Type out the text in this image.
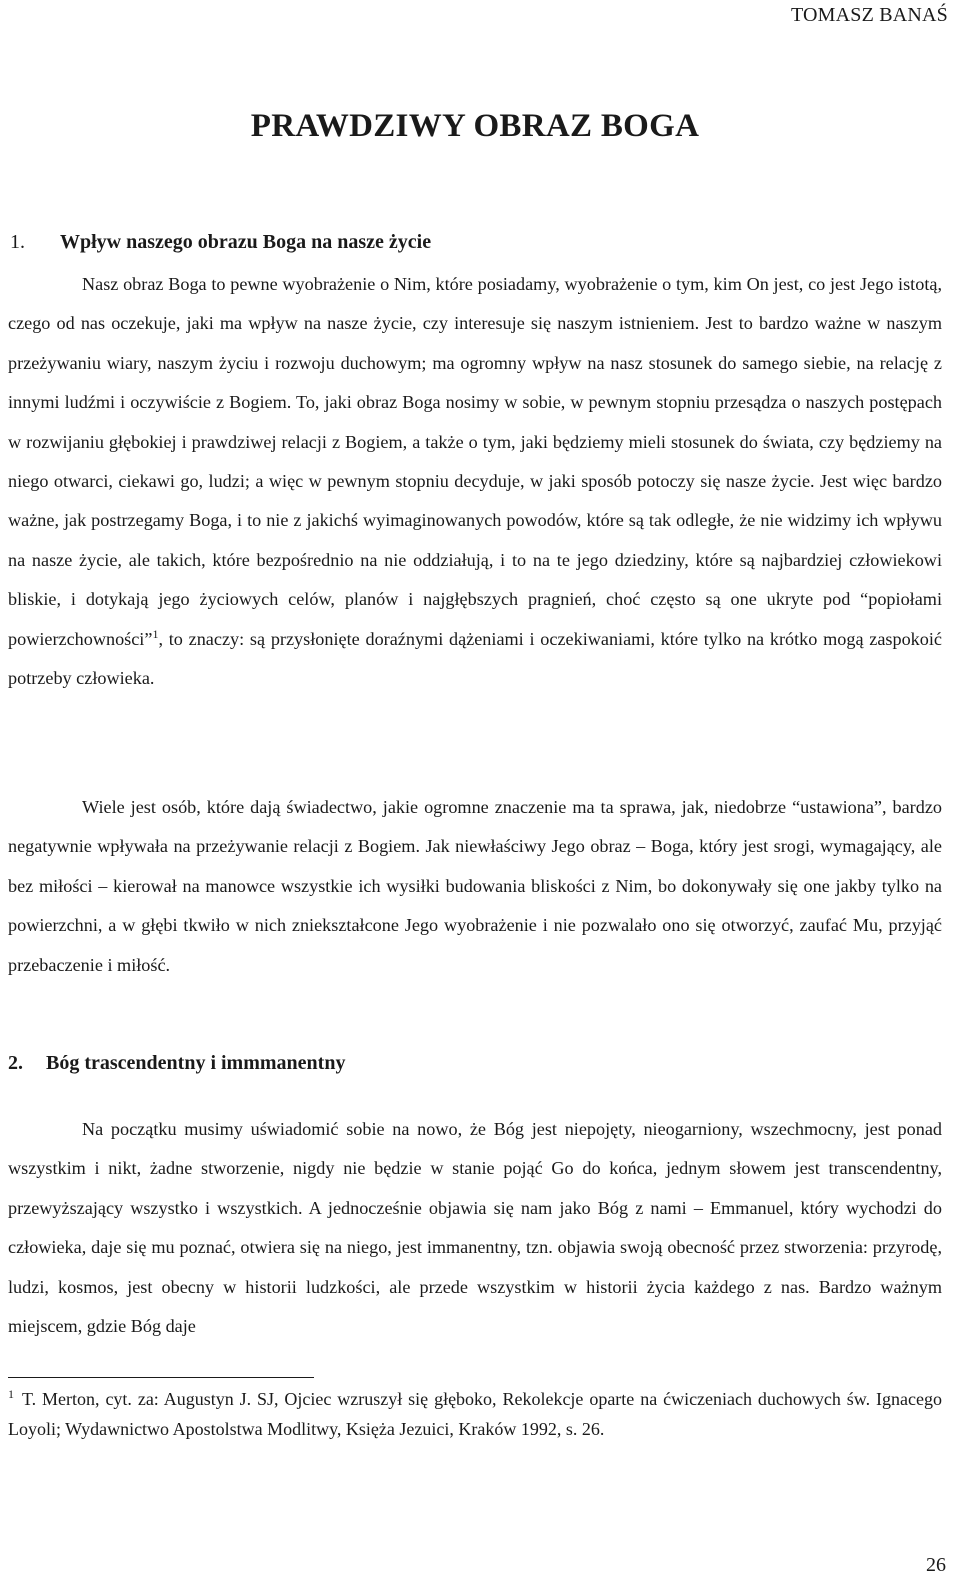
TOMASZ BANAŚ
PRAWDZIWY OBRAZ BOGA
1. Wpływ naszego obrazu Boga na nasze życie

Nasz obraz Boga to pewne wyobrażenie o Nim, które posiadamy, wyobrażenie o tym, kim On jest, co jest Jego istotą, czego od nas oczekuje, jaki ma wpływ na nasze życie, czy interesuje się naszym istnieniem. Jest to bardzo ważne w naszym przeżywaniu wiary, naszym życiu i rozwoju duchowym; ma ogromny wpływ na nasz stosunek do samego siebie, na relację z innymi ludźmi i oczywiście z Bogiem. To, jaki obraz Boga nosimy w sobie, w pewnym stopniu przesądza o naszych postępach w rozwijaniu głębokiej i prawdziwej relacji z Bogiem, a także o tym, jaki będziemy mieli stosunek do świata, czy będziemy na niego otwarci, ciekawi go, ludzi; a więc w pewnym stopniu decyduje, w jaki sposób potoczy się nasze życie. Jest więc bardzo ważne, jak postrzegamy Boga, i to nie z jakichś wyimaginowanych powodów, które są tak odległe, że nie widzimy ich wpływu na nasze życie, ale takich, które bezpośrednio na nie oddziałują, i to na te jego dziedziny, które są najbardziej człowiekowi bliskie, i dotykają jego życiowych celów, planów i najgłębszych pragnień, choć często są one ukryte pod “popiołami powierzchowności”$^1$, to znaczy: są przysłonięte doraźnymi dążeniami i oczekiwaniami, które tylko na krótko mogą zaspokoić potrzeby człowieka.

Wiele jest osób, które dają świadectwo, jakie ogromne znaczenie ma ta sprawa, jak, niedobrze “ustawiona”, bardzo negatywnie wpływała na przeżywanie relacji z Bogiem. Jak niewłaściwy Jego obraz – Boga, który jest srogi, wymagający, ale bez miłości – kierował na manowce wszystkie ich wysiłki budowania bliskości z Nim, bo dokonywały się one jakby tylko na powierzchni, a w głębi tkwiło w nich zniekształcone Jego wyobrażenie i nie pozwalało ono się otworzyć, zaufać Mu, przyjąć przebaczenie i miłość.

2. Bóg trascendentny i immmanentny

Na początku musimy uświadomić sobie na nowo, że Bóg jest niepojęty, nieogarniony, wszechmocny, jest ponad wszystkim i nikt, żadne stworzenie, nigdy nie będzie w stanie pojąć Go do końca, jednym słowem jest transcendentny, przewyższający wszystko i wszystkich. A jednocześnie objawia się nam jako Bóg z nami – Emmanuel, który wychodzi do człowieka, daje się mu poznać, otwiera się na niego, jest immanentny, tzn. objawia swoją obecność przez stworzenia: przyrodę, ludzi, kosmos, jest obecny w historii ludzkości, ale przede wszystkim w historii życia każdego z nas. Bardzo ważnym miejscem, gdzie Bóg daje

$^1$ T. Merton, cyt. za: Augustyn J. SJ, Ojciec wzruszył się głęboko, Rekolekcje oparte na ćwiczeniach duchowych św. Ignacego Loyoli; Wydawnictwo Apostolstwa Modlitwy, Księża Jezuici, Kraków 1992, s. 26.

26
